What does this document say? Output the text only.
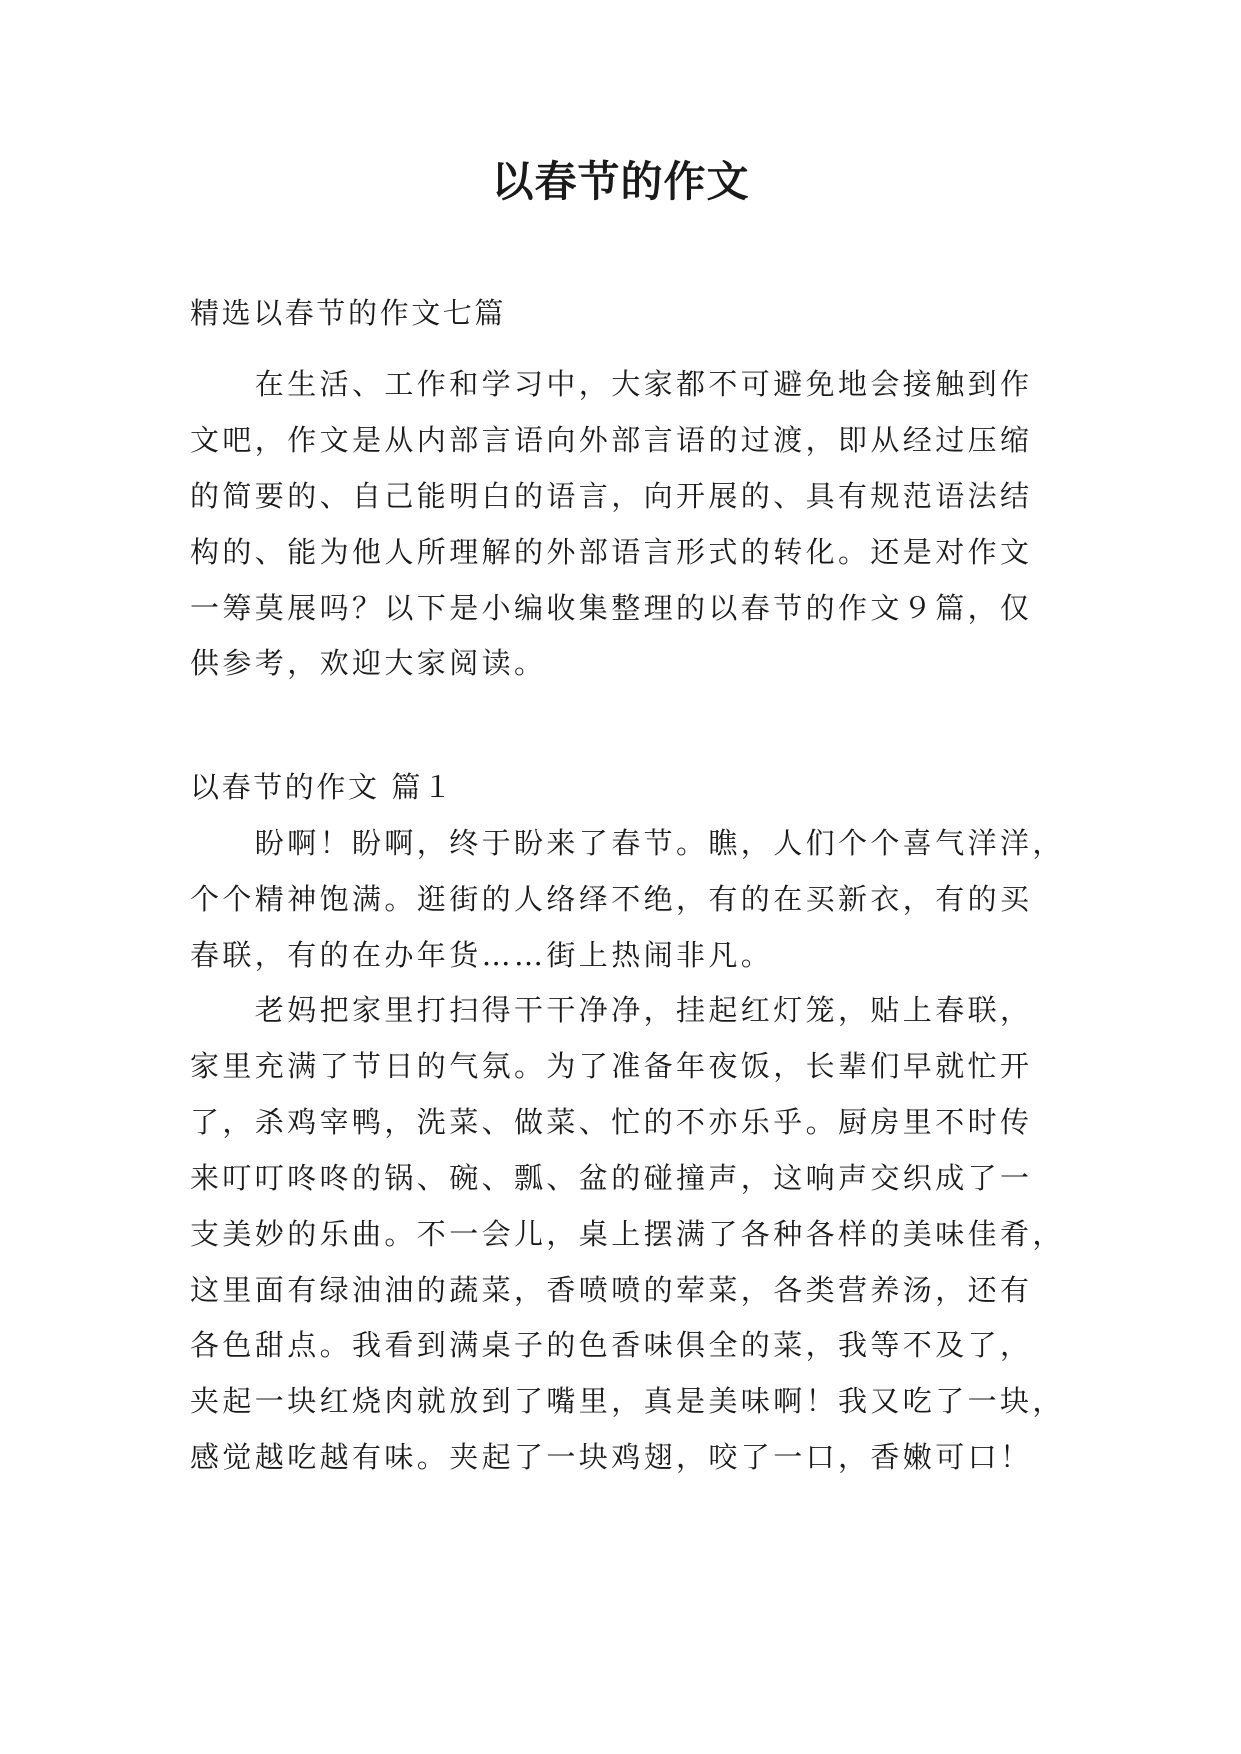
以春节的作文
精选以春节的作文七篇
　　在生活、工作和学习中，大家都不可避免地会接触到作
文吧，作文是从内部言语向外部言语的过渡，即从经过压缩
的简要的、自己能明白的语言，向开展的、具有规范语法结
构的、能为他人所理解的外部语言形式的转化。还是对作文
一筹莫展吗？以下是小编收集整理的以春节的作文９篇，仅
供参考，欢迎大家阅读。
以春节的作文 篇１
　　盼啊！盼啊，终于盼来了春节。瞧，人们个个喜气洋洋，
个个精神饱满。逛街的人络绎不绝，有的在买新衣，有的买
春联，有的在办年货……街上热闹非凡。
　　老妈把家里打扫得干干净净，挂起红灯笼，贴上春联，
家里充满了节日的气氛。为了准备年夜饭，长辈们早就忙开
了，杀鸡宰鸭，洗菜、做菜、忙的不亦乐乎。厨房里不时传
来叮叮咚咚的锅、碗、瓢、盆的碰撞声，这响声交织成了一
支美妙的乐曲。不一会儿，桌上摆满了各种各样的美味佳肴，
这里面有绿油油的蔬菜，香喷喷的荤菜，各类营养汤，还有
各色甜点。我看到满桌子的色香味俱全的菜，我等不及了，
夹起一块红烧肉就放到了嘴里，真是美味啊！我又吃了一块，
感觉越吃越有味。夹起了一块鸡翅，咬了一口，香嫩可口！
